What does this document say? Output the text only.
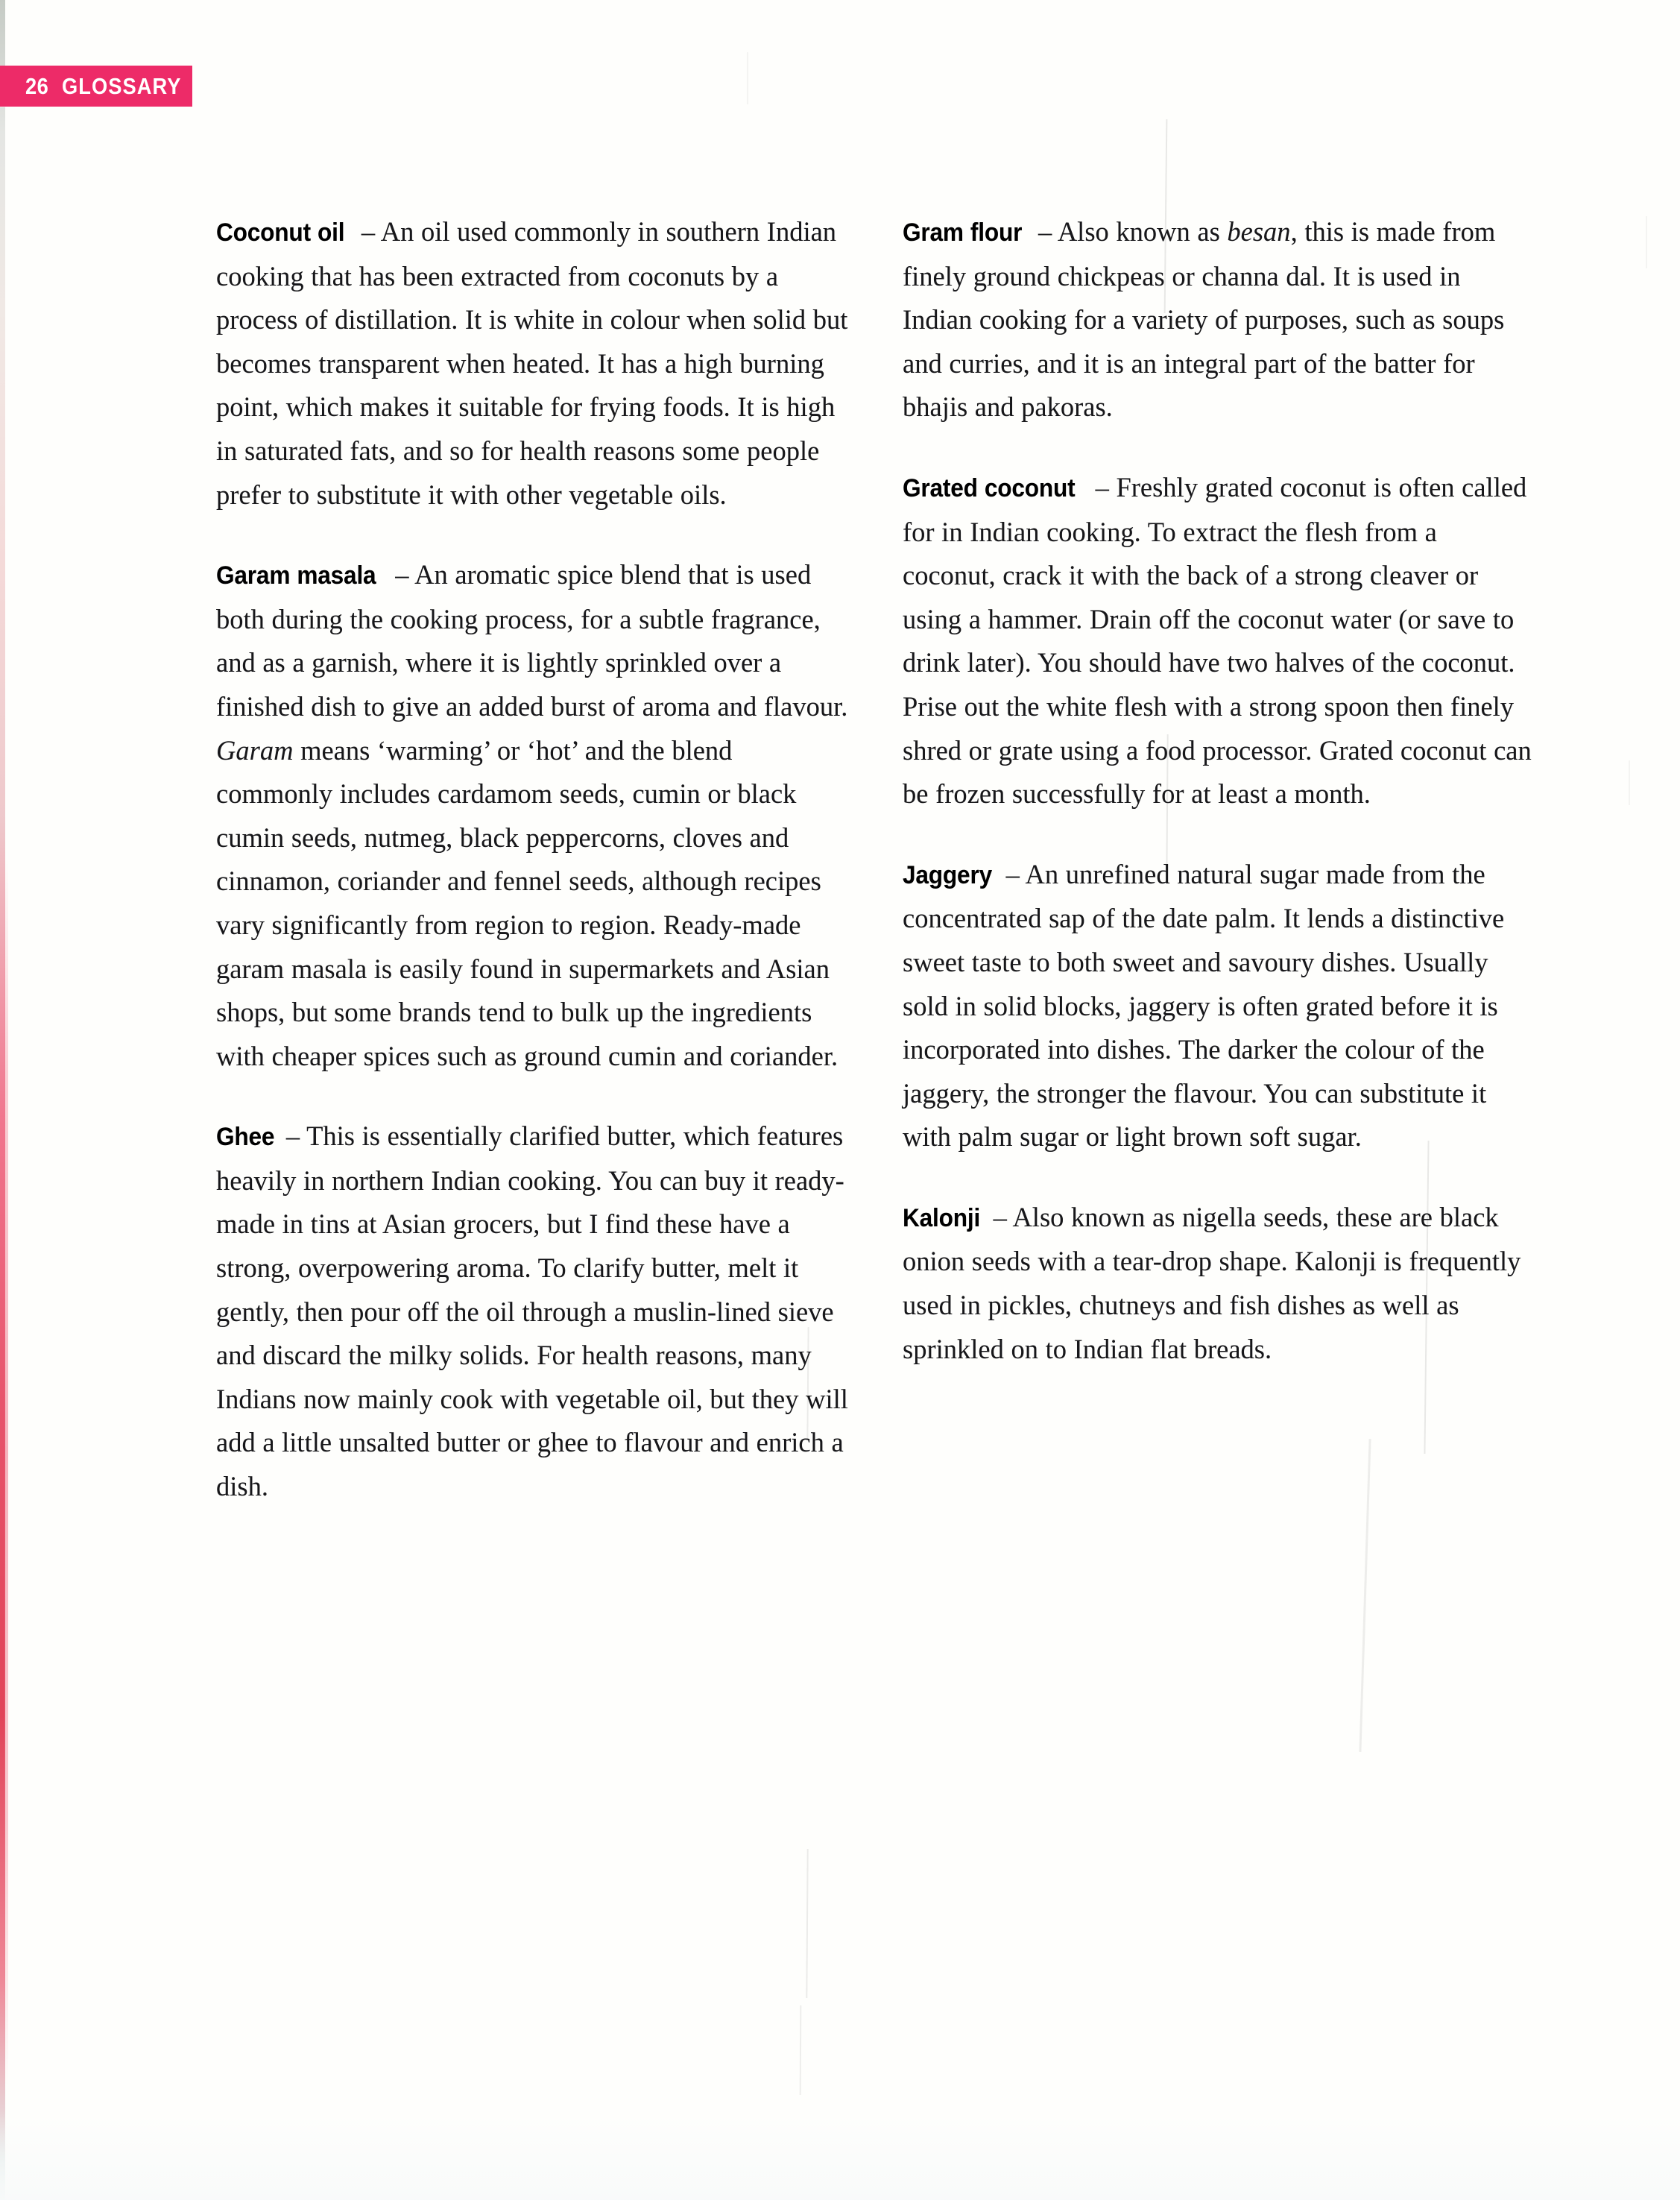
26 GLOSSARY

Coconut oil – An oil used commonly in southern Indian cooking that has been extracted from coconuts by a process of distillation. It is white in colour when solid but becomes transparent when heated. It has a high burning point, which makes it suitable for frying foods. It is high in saturated fats, and so for health reasons some people prefer to substitute it with other vegetable oils.

Garam masala – An aromatic spice blend that is used both during the cooking process, for a subtle fragrance, and as a garnish, where it is lightly sprinkled over a finished dish to give an added burst of aroma and flavour. Garam means ‘warming’ or ‘hot’ and the blend commonly includes cardamom seeds, cumin or black cumin seeds, nutmeg, black peppercorns, cloves and cinnamon, coriander and fennel seeds, although recipes vary significantly from region to region. Ready-made garam masala is easily found in supermarkets and Asian shops, but some brands tend to bulk up the ingredients with cheaper spices such as ground cumin and coriander.

Ghee – This is essentially clarified butter, which features heavily in northern Indian cooking. You can buy it ready-made in tins at Asian grocers, but I find these have a strong, overpowering aroma. To clarify butter, melt it gently, then pour off the oil through a muslin-lined sieve and discard the milky solids. For health reasons, many Indians now mainly cook with vegetable oil, but they will add a little unsalted butter or ghee to flavour and enrich a dish.

Gram flour – Also known as besan, this is made from finely ground chickpeas or channa dal. It is used in Indian cooking for a variety of purposes, such as soups and curries, and it is an integral part of the batter for bhajis and pakoras.

Grated coconut – Freshly grated coconut is often called for in Indian cooking. To extract the flesh from a coconut, crack it with the back of a strong cleaver or using a hammer. Drain off the coconut water (or save to drink later). You should have two halves of the coconut. Prise out the white flesh with a strong spoon then finely shred or grate using a food processor. Grated coconut can be frozen successfully for at least a month.

Jaggery – An unrefined natural sugar made from the concentrated sap of the date palm. It lends a distinctive sweet taste to both sweet and savoury dishes. Usually sold in solid blocks, jaggery is often grated before it is incorporated into dishes. The darker the colour of the jaggery, the stronger the flavour. You can substitute it with palm sugar or light brown soft sugar.

Kalonji – Also known as nigella seeds, these are black onion seeds with a tear-drop shape. Kalonji is frequently used in pickles, chutneys and fish dishes as well as sprinkled on to Indian flat breads.
